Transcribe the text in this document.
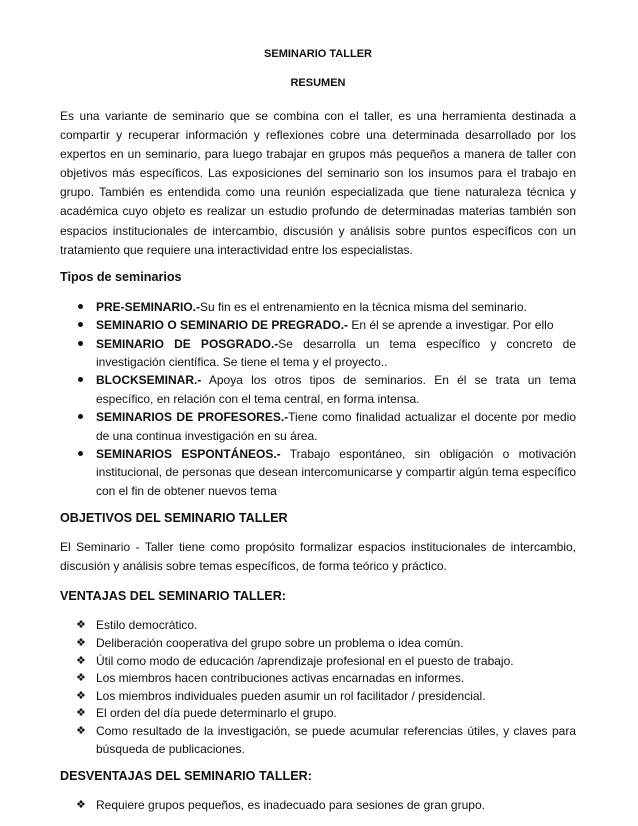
SEMINARIO TALLER
RESUMEN

Es una variante de seminario que se combina con el taller, es una herramienta destinada a compartir y recuperar información y reflexiones cobre una determinada desarrollado por los expertos en un seminario, para luego trabajar en grupos más pequeños a manera de taller con objetivos más específicos. Las exposiciones del seminario son los insumos para el trabajo en grupo. También es entendida como una reunión especializada que tiene naturaleza técnica y académica cuyo objeto es realizar un estudio profundo de determinadas materias también son espacios institucionales de intercambio, discusión y análisis sobre puntos específicos con un tratamiento que requiere una interactividad entre los especialistas.

Tipos de seminarios
PRE-SEMINARIO.-Su fin es el entrenamiento en la técnica misma del seminario.
SEMINARIO O SEMINARIO DE PREGRADO.- En él se aprende a investigar. Por ello
SEMINARIO DE POSGRADO.-Se desarrolla un tema específico y concreto de investigación científica. Se tiene el tema y el proyecto..
BLOCKSEMINAR.- Apoya los otros tipos de seminarios. En él se trata un tema específico, en relación con el tema central, en forma intensa.
SEMINARIOS DE PROFESORES.-Tiene como finalidad actualizar el docente por medio de una continua investigación en su área.
SEMINARIOS ESPONTÁNEOS.- Trabajo espontáneo, sin obligación o motivación institucional, de personas que desean intercomunicarse y compartir algún tema específico con el fin de obtener nuevos tema
OBJETIVOS DEL SEMINARIO TALLER

El Seminario - Taller tiene como propósito formalizar espacios institucionales de intercambio, discusión y análisis sobre temas específicos, de forma teórico y práctico.

VENTAJAS DEL SEMINARIO TALLER:
❖ Estilo democrático.
❖ Deliberación cooperativa del grupo sobre un problema o idea común.
❖ Útil como modo de educación /aprendizaje profesional en el puesto de trabajo.
❖ Los miembros hacen contribuciones activas encarnadas en informes.
❖ Los miembros individuales pueden asumir un rol facilitador / presidencial.
❖ El orden del día puede determinarlo el grupo.
❖ Como resultado de la investigación, se puede acumular referencias útiles, y claves para búsqueda de publicaciones.
DESVENTAJAS DEL SEMINARIO TALLER:
❖ Requiere grupos pequeños, es inadecuado para sesiones de gran grupo.
